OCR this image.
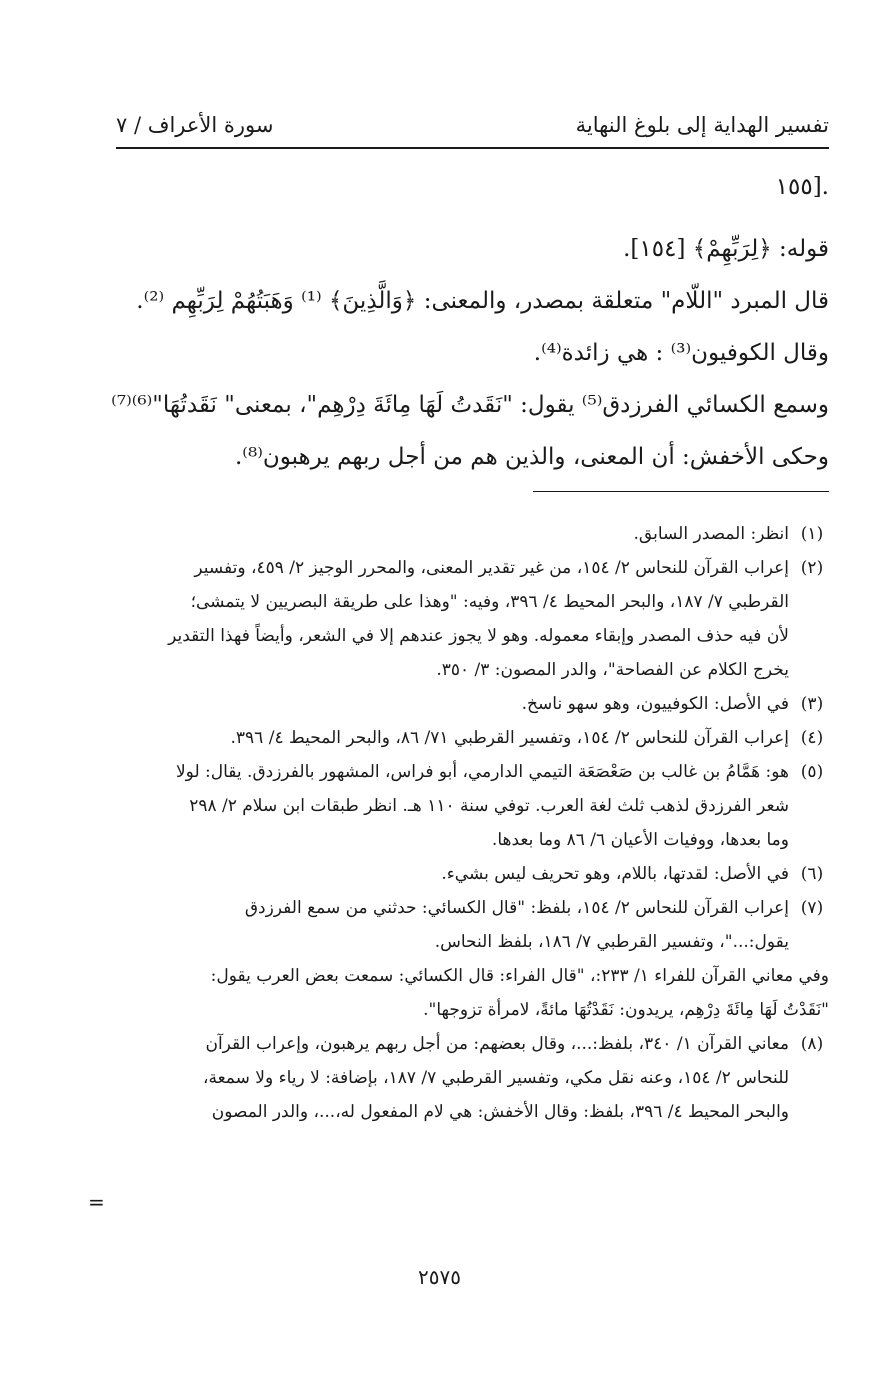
تفسير الهداية إلى بلوغ النهاية
سورة الأعراف / ٧

.[١٥٥

قوله: ﴿لِرَبِّهِمْ﴾ [١٥٤].

قال المبرد "اللّام" متعلقة بمصدر، والمعنى: ﴿وَالَّذِينَ﴾ ⁽¹⁾ وَهَبَتُهُمْ لِرَبِّهِم ⁽²⁾.

وقال الكوفيون⁽³⁾ : هي زائدة⁽⁴⁾.

وسمع الكسائي الفرزدق⁽⁵⁾ يقول: "نَقَدتُ لَهَا مِائَةَ دِرْهِم"، بمعنى" نَقَدتُهَا"⁽⁶⁾⁽⁷⁾

وحكى الأخفش: أن المعنى، والذين هم من أجل ربهم يرهبون⁽⁸⁾.

(١)
انظر: المصدر السابق.
(٢)
إعراب القرآن للنحاس ٢/ ١٥٤، من غير تقدير المعنى، والمحرر الوجيز ٢/ ٤٥٩، وتفسير
القرطبي ٧/ ١٨٧، والبحر المحيط ٤/ ٣٩٦، وفيه: "وهذا على طريقة البصريين لا يتمشى؛
لأن فيه حذف المصدر وإبقاء معموله. وهو لا يجوز عندهم إلا في الشعر، وأيضاً فهذا التقدير
يخرج الكلام عن الفصاحة"، والدر المصون: ٣/ ٣٥٠.
(٣)
في الأصل: الكوفييون، وهو سهو ناسخ.
(٤)
إعراب القرآن للنحاس ٢/ ١٥٤، وتفسير القرطبي ٧١/ ٨٦، والبحر المحيط ٤/ ٣٩٦.
(٥)
هو: هَمَّامُ بن غالب بن صَعْصَعَة التيمي الدارمي، أبو فراس، المشهور بالفرزدق. يقال: لولا
شعر الفرزدق لذهب ثلث لغة العرب. توفي سنة ١١٠ هـ. انظر طبقات ابن سلام ٢/ ٢٩٨
وما بعدها، ووفيات الأعيان ٦/ ٨٦ وما بعدها.
(٦)
في الأصل: لقدتها، باللام، وهو تحريف ليس بشيء.
(٧)
إعراب القرآن للنحاس ٢/ ١٥٤، بلفظ: "قال الكسائي: حدثني من سمع الفرزدق
يقول:..."، وتفسير القرطبي ٧/ ١٨٦، بلفظ النحاس.
وفي معاني القرآن للفراء ١/ ٢٣٣:، "قال الفراء: قال الكسائي: سمعت بعض العرب يقول:
"نَقَدْتُ لَهَا مِائَةَ دِرْهِم، يريدون: نَقَدْتُهَا مائةً، لامرأة تزوجها".
(٨)
معاني القرآن ١/ ٣٤٠، بلفظ:...، وقال بعضهم: من أجل ربهم يرهبون، وإعراب القرآن
للنحاس ٢/ ١٥٤، وعنه نقل مكي، وتفسير القرطبي ٧/ ١٨٧، بإضافة: لا رياء ولا سمعة،
والبحر المحيط ٤/ ٣٩٦، بلفظ: وقال الأخفش: هي لام المفعول له،...، والدر المصون
=
٢٥٧٥
